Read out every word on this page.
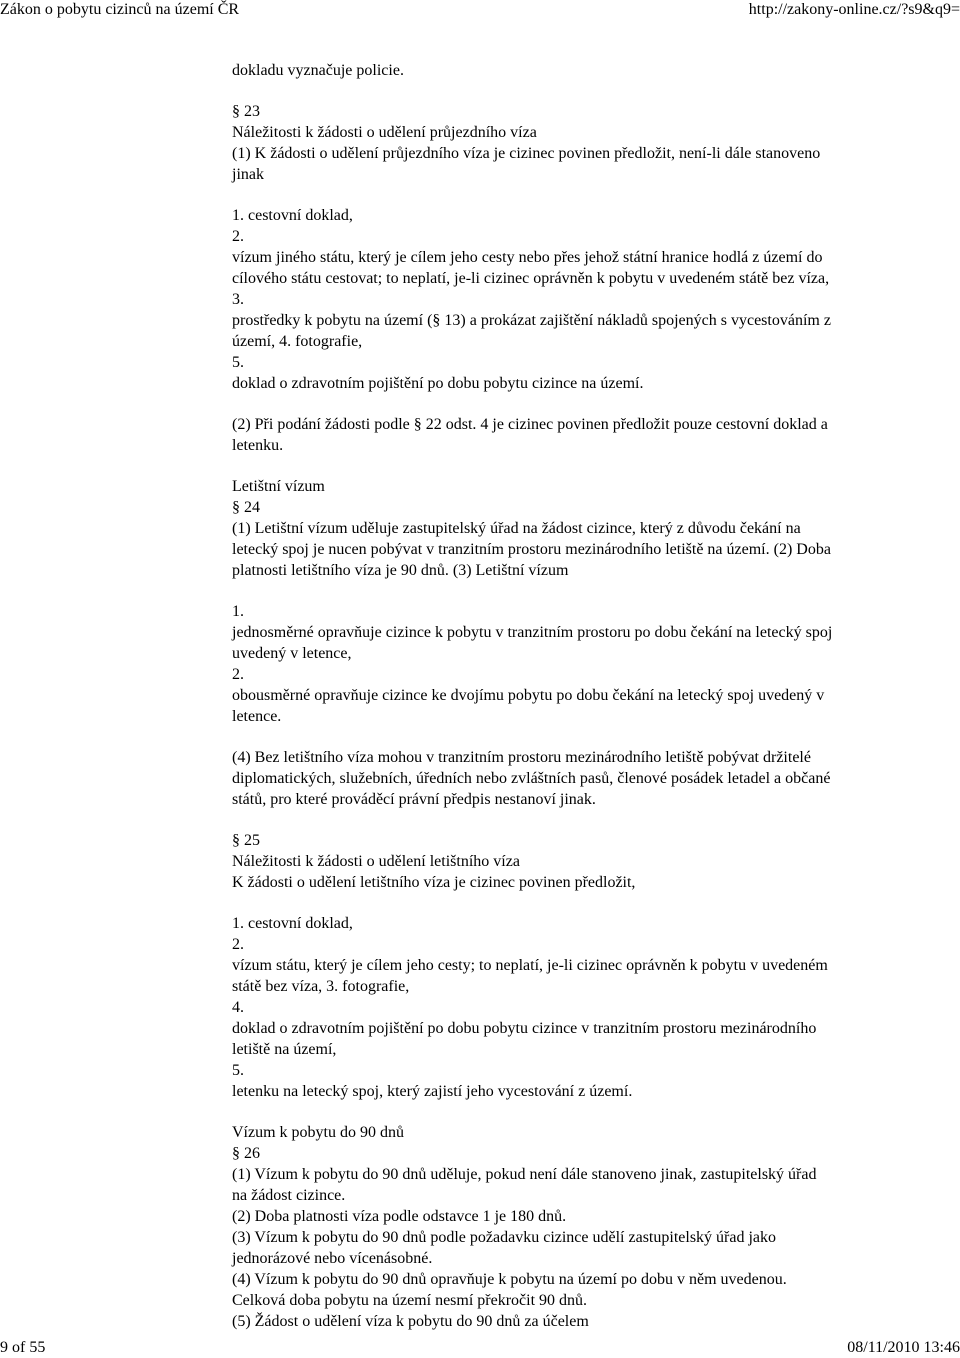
Zákon o pobytu cizinců na území ČR	http://zakony-online.cz/?s9&q9=
dokladu vyznačuje policie.
§ 23
Náležitosti k žádosti o udělení průjezdního víza
(1) K žádosti o udělení průjezdního víza je cizinec povinen předložit, není-li dále stanoveno
jinak
1. cestovní doklad,
2.
vízum jiného státu, který je cílem jeho cesty nebo přes jehož státní hranice hodlá z území do
cílového státu cestovat; to neplatí, je-li cizinec oprávněn k pobytu v uvedeném státě bez víza,
3.
prostředky k pobytu na území (§ 13) a prokázat zajištění nákladů spojených s vycestováním z
území, 4. fotografie,
5.
doklad o zdravotním pojištění po dobu pobytu cizince na území.
(2) Při podání žádosti podle § 22 odst. 4 je cizinec povinen předložit pouze cestovní doklad a
letenku.
Letištní vízum
§ 24
(1) Letištní vízum uděluje zastupitelský úřad na žádost cizince, který z důvodu čekání na
letecký spoj je nucen pobývat v tranzitním prostoru mezinárodního letiště na území. (2) Doba
platnosti letištního víza je 90 dnů. (3) Letištní vízum
1.
jednosměrné opravňuje cizince k pobytu v tranzitním prostoru po dobu čekání na letecký spoj
uvedený v letence,
2.
obousměrné opravňuje cizince ke dvojímu pobytu po dobu čekání na letecký spoj uvedený v
letence.
(4) Bez letištního víza mohou v tranzitním prostoru mezinárodního letiště pobývat držitelé
diplomatických, služebních, úředních nebo zvláštních pasů, členové posádek letadel a občané
států, pro které prováděcí právní předpis nestanoví jinak.
§ 25
Náležitosti k žádosti o udělení letištního víza
K žádosti o udělení letištního víza je cizinec povinen předložit,
1. cestovní doklad,
2.
vízum státu, který je cílem jeho cesty; to neplatí, je-li cizinec oprávněn k pobytu v uvedeném
státě bez víza, 3. fotografie,
4.
doklad o zdravotním pojištění po dobu pobytu cizince v tranzitním prostoru mezinárodního
letiště na území,
5.
letenku na letecký spoj, který zajistí jeho vycestování z území.
Vízum k pobytu do 90 dnů
§ 26
(1) Vízum k pobytu do 90 dnů uděluje, pokud není dále stanoveno jinak, zastupitelský úřad
na žádost cizince.
(2) Doba platnosti víza podle odstavce 1 je 180 dnů.
(3) Vízum k pobytu do 90 dnů podle požadavku cizince udělí zastupitelský úřad jako
jednorázové nebo vícenásobné.
(4) Vízum k pobytu do 90 dnů opravňuje k pobytu na území po dobu v něm uvedenou.
Celková doba pobytu na území nesmí překročit 90 dnů.
(5) Žádost o udělení víza k pobytu do 90 dnů za účelem
9 of 55	08/11/2010 13:46
